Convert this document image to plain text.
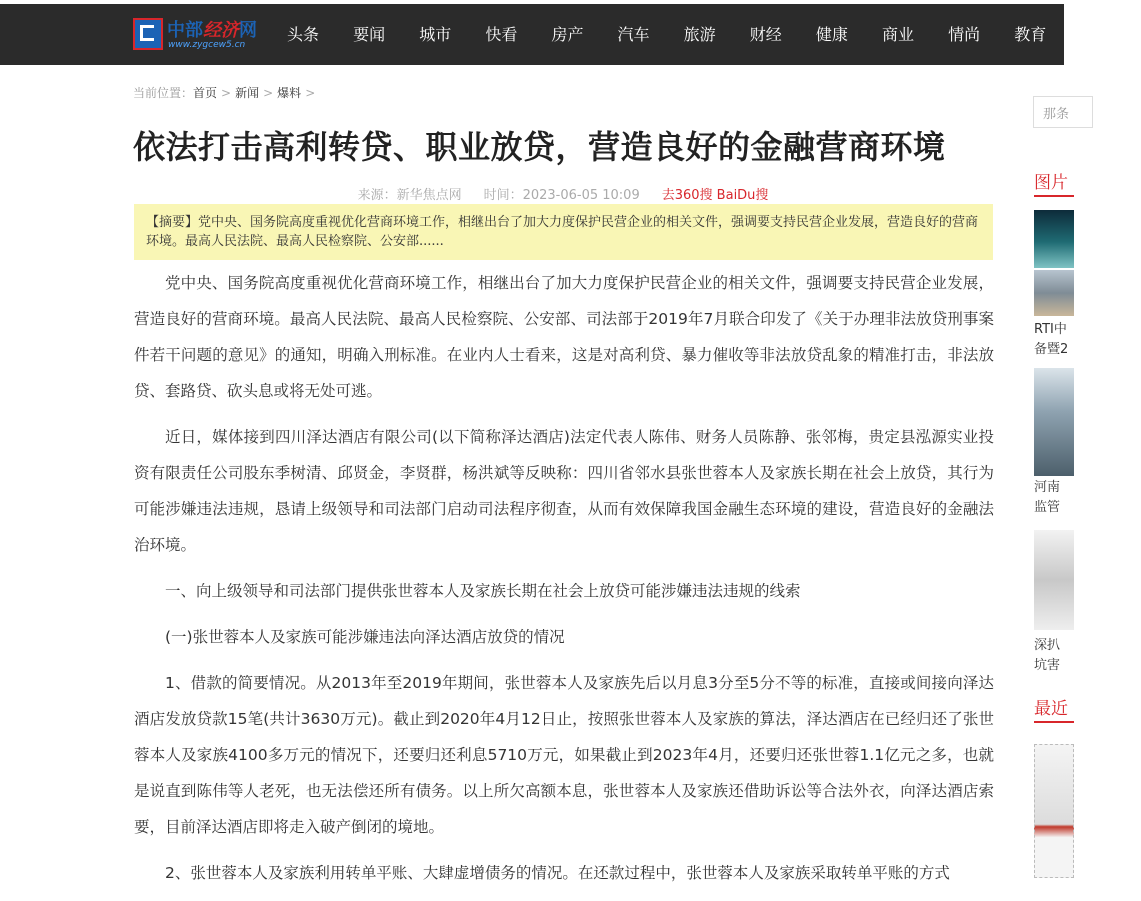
中部经济网
www.zygcew5.cn
头条 要闻 城市 快看 房产 汽车 旅游 财经 健康 商业 情尚 教育 科技
当前位置：首页 > 新闻 > 爆料 >
依法打击高利转贷、职业放贷，营造良好的金融营商环境
来源：新华焦点网 时间：2023-06-05 10:09 去360搜 BaiDu搜
【摘要】党中央、国务院高度重视优化营商环境工作，相继出台了加大力度保护民营企业的相关文件，强调要支持民营企业发展，营造良好的营商环境。最高人民法院、最高人民检察院、公安部......

党中央、国务院高度重视优化营商环境工作，相继出台了加大力度保护民营企业的相关文件，强调要支持民营企业发展，营造良好的营商环境。最高人民法院、最高人民检察院、公安部、司法部于2019年7月联合印发了《关于办理非法放贷刑事案件若干问题的意见》的通知，明确入刑标准。在业内人士看来，这是对高利贷、暴力催收等非法放贷乱象的精准打击，非法放贷、套路贷、砍头息或将无处可逃。

近日，媒体接到四川泽达酒店有限公司(以下简称泽达酒店)法定代表人陈伟、财务人员陈静、张邻梅，贵定县泓源实业投资有限责任公司股东季树清、邱贤金，李贤群，杨洪斌等反映称：四川省邻水县张世蓉本人及家族长期在社会上放贷，其行为可能涉嫌违法违规，恳请上级领导和司法部门启动司法程序彻查，从而有效保障我国金融生态环境的建设，营造良好的金融法治环境。

一、向上级领导和司法部门提供张世蓉本人及家族长期在社会上放贷可能涉嫌违法违规的线索

(一)张世蓉本人及家族可能涉嫌违法向泽达酒店放贷的情况

1、借款的简要情况。从2013年至2019年期间，张世蓉本人及家族先后以月息3分至5分不等的标准，直接或间接向泽达酒店发放贷款15笔(共计3630万元)。截止到2020年4月12日止，按照张世蓉本人及家族的算法，泽达酒店在已经归还了张世蓉本人及家族4100多万元的情况下，还要归还利息5710万元，如果截止到2023年4月，还要归还张世蓉1.1亿元之多，也就是说直到陈伟等人老死，也无法偿还所有债务。以上所欠高额本息，张世蓉本人及家族还借助诉讼等合法外衣，向泽达酒店索要，目前泽达酒店即将走入破产倒闭的境地。

2、张世蓉本人及家族利用转单平账、大肆虚增债务的情况。在还款过程中，张世蓉本人及家族采取转单平账的方式

那条
图片
RTI中
备暨2
河南
监管
深扒
坑害
最近
